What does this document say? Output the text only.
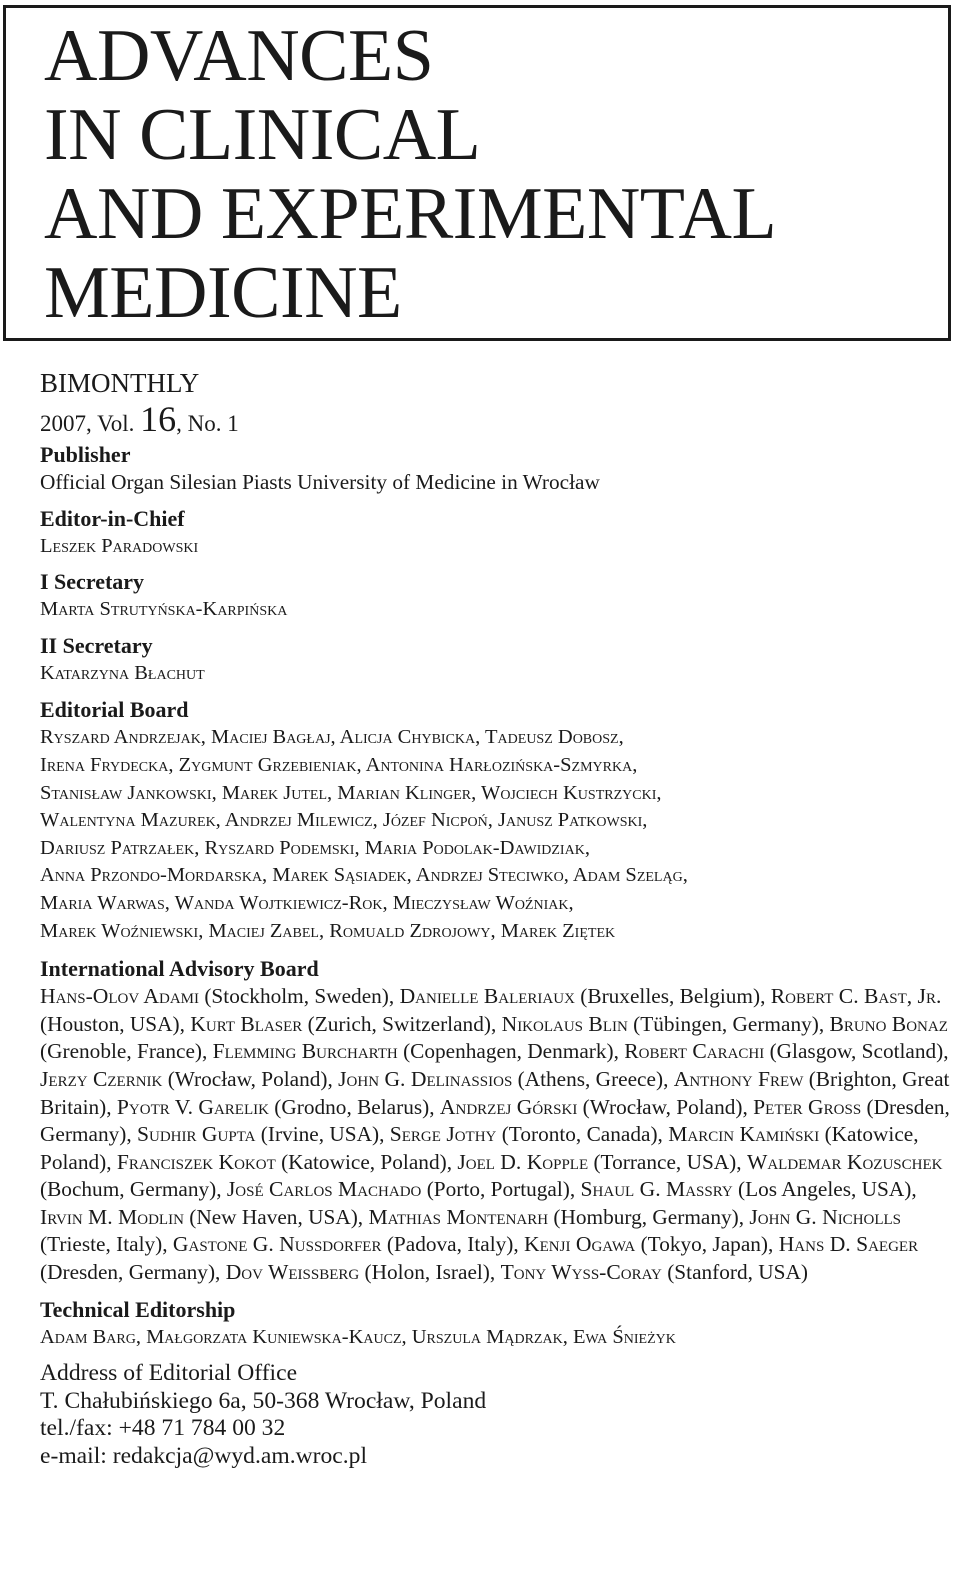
ADVANCES
IN CLINICAL
AND EXPERIMENTAL
MEDICINE

BIMONTHLY

2007, Vol. 16, No. 1

Publisher
Official Organ Silesian Piasts University of Medicine in Wrocław
Editor-in-Chief
Leszek Paradowski
I Secretary
Marta Strutyńska-Karpińska
II Secretary
Katarzyna Błachut
Editorial Board
Ryszard Andrzejak, Maciej Bagłaj, Alicja Chybicka, Tadeusz Dobosz,
Irena Frydecka, Zygmunt Grzebieniak, Antonina Harłozińska-Szmyrka,
Stanisław Jankowski, Marek Jutel, Marian Klinger, Wojciech Kustrzycki,
Walentyna Mazurek, Andrzej Milewicz, Józef Nicpoń, Janusz Patkowski,
Dariusz Patrzałek, Ryszard Podemski, Maria Podolak-Dawidziak,
Anna Przondo-Mordarska, Marek Sąsiadek, Andrzej Steciwko, Adam Szeląg,
Maria Warwas, Wanda Wojtkiewicz-Rok, Mieczysław Woźniak,
Marek Woźniewski, Maciej Zabel, Romuald Zdrojowy, Marek Ziętek
International Advisory Board
Hans-Olov Adami (Stockholm, Sweden), Danielle Baleriaux (Bruxelles, Belgium), Robert C. Bast, Jr. (Houston, USA), Kurt Blaser (Zurich, Switzerland), Nikolaus Blin (Tübingen, Germany), Bruno Bonaz (Grenoble, France), Flemming Burcharth (Copenhagen, Denmark), Robert Carachi (Glasgow, Scotland), Jerzy Czernik (Wrocław, Poland), John G. Delinassios (Athens, Greece), Anthony Frew (Brighton, Great Britain), Pyotr V. Garelik (Grodno, Belarus), Andrzej Górski (Wrocław, Poland), Peter Gross (Dresden, Germany), Sudhir Gupta (Irvine, USA), Serge Jothy (Toronto, Canada), Marcin Kamiński (Katowice, Poland), Franciszek Kokot (Katowice, Poland), Joel D. Kopple (Torrance, USA), Waldemar Kozuschek (Bochum, Germany), José Carlos Machado (Porto, Portugal), Shaul G. Massry (Los Angeles, USA), Irvin M. Modlin (New Haven, USA), Mathias Montenarh (Homburg, Germany), John G. Nicholls (Trieste, Italy), Gastone G. Nussdorfer (Padova, Italy), Kenji Ogawa (Tokyo, Japan), Hans D. Saeger (Dresden, Germany), Dov Weissberg (Holon, Israel), Tony Wyss-Coray (Stanford, USA)
Technical Editorship
Adam Barg, Małgorzata Kuniewska-Kaucz, Urszula Mądrzak, Ewa Śnieżyk
Address of Editorial Office
T. Chałubińskiego 6a, 50-368 Wrocław, Poland
tel./fax: +48 71 784 00 32
e-mail: redakcja@wyd.am.wroc.pl
